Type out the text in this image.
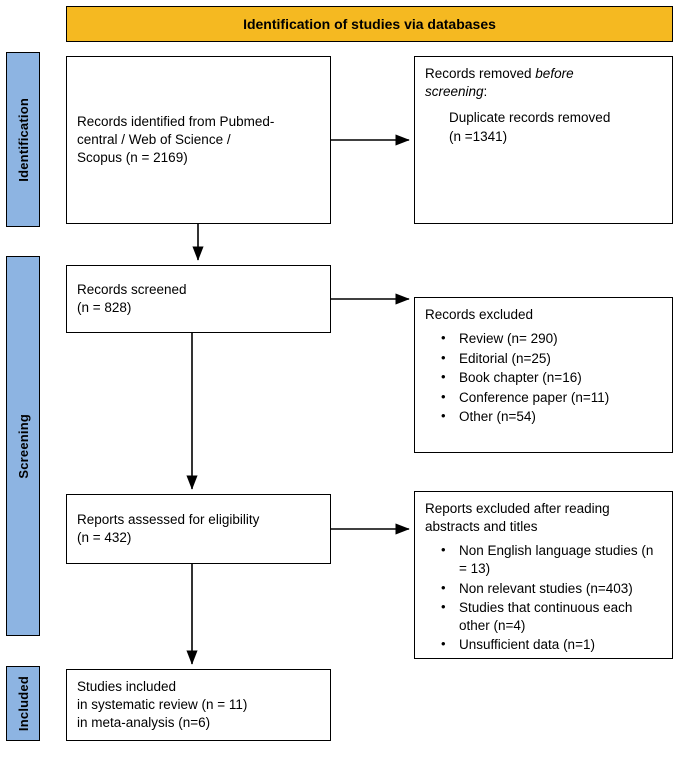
Identification of studies via databases
Identification
Screening
Included
Records identified from Pubmed-
central / Web of Science /
Scopus (n = 2169)
Records removed before
screening:
Duplicate records removed
(n =1341)
Records screened
(n = 828)	Records excluded
• Review (n= 290)
• Editorial (n=25)
• Book chapter (n=16)
• Conference paper (n=11)
• Other (n=54)
Reports assessed for eligibility
(n = 432)
Reports excluded after reading
abstracts and titles
• Non English language studies (n = 13)
• Non relevant studies (n=403)
• Studies that continuous each other (n=4)
• Unsufficient data (n=1)
Studies included
in systematic review (n = 11)
in meta-analysis (n=6)
